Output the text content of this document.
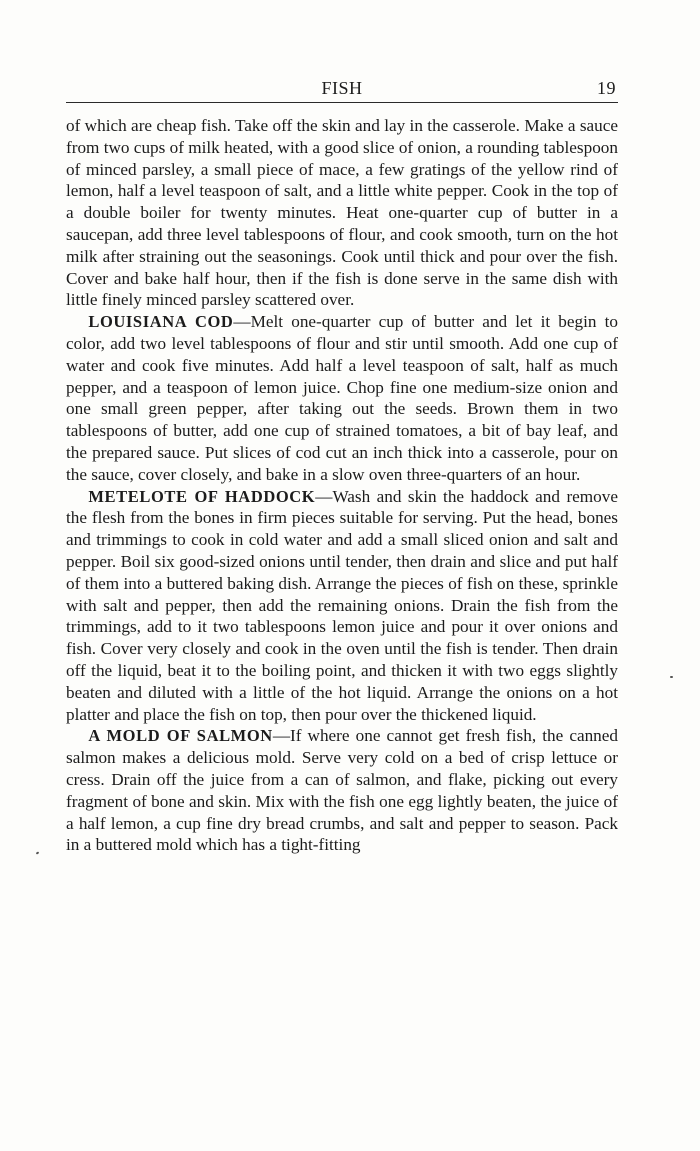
FISH	19

of which are cheap fish. Take off the skin and lay in the casserole. Make a sauce from two cups of milk heated, with a good slice of onion, a rounding tablespoon of minced parsley, a small piece of mace, a few gratings of the yellow rind of lemon, half a level teaspoon of salt, and a little white pepper. Cook in the top of a double boiler for twenty minutes. Heat one-quarter cup of butter in a saucepan, add three level tablespoons of flour, and cook smooth, turn on the hot milk after straining out the seasonings. Cook until thick and pour over the fish. Cover and bake half hour, then if the fish is done serve in the same dish with little finely minced parsley scattered over.

LOUISIANA COD—Melt one-quarter cup of butter and let it begin to color, add two level tablespoons of flour and stir until smooth. Add one cup of water and cook five minutes. Add half a level teaspoon of salt, half as much pepper, and a teaspoon of lemon juice. Chop fine one medium-size onion and one small green pepper, after taking out the seeds. Brown them in two tablespoons of butter, add one cup of strained tomatoes, a bit of bay leaf, and the prepared sauce. Put slices of cod cut an inch thick into a casserole, pour on the sauce, cover closely, and bake in a slow oven three-quarters of an hour.

METELOTE OF HADDOCK—Wash and skin the haddock and remove the flesh from the bones in firm pieces suitable for serving. Put the head, bones and trimmings to cook in cold water and add a small sliced onion and salt and pepper. Boil six good-sized onions until tender, then drain and slice and put half of them into a buttered baking dish. Arrange the pieces of fish on these, sprinkle with salt and pepper, then add the remaining onions. Drain the fish from the trimmings, add to it two tablespoons lemon juice and pour it over onions and fish. Cover very closely and cook in the oven until the fish is tender. Then drain off the liquid, beat it to the boiling point, and thicken it with two eggs slightly beaten and diluted with a little of the hot liquid. Arrange the onions on a hot platter and place the fish on top, then pour over the thickened liquid.

A MOLD OF SALMON—If where one cannot get fresh fish, the canned salmon makes a delicious mold. Serve very cold on a bed of crisp lettuce or cress. Drain off the juice from a can of salmon, and flake, picking out every fragment of bone and skin. Mix with the fish one egg lightly beaten, the juice of a half lemon, a cup fine dry bread crumbs, and salt and pepper to season. Pack in a buttered mold which has a tight-fitting
